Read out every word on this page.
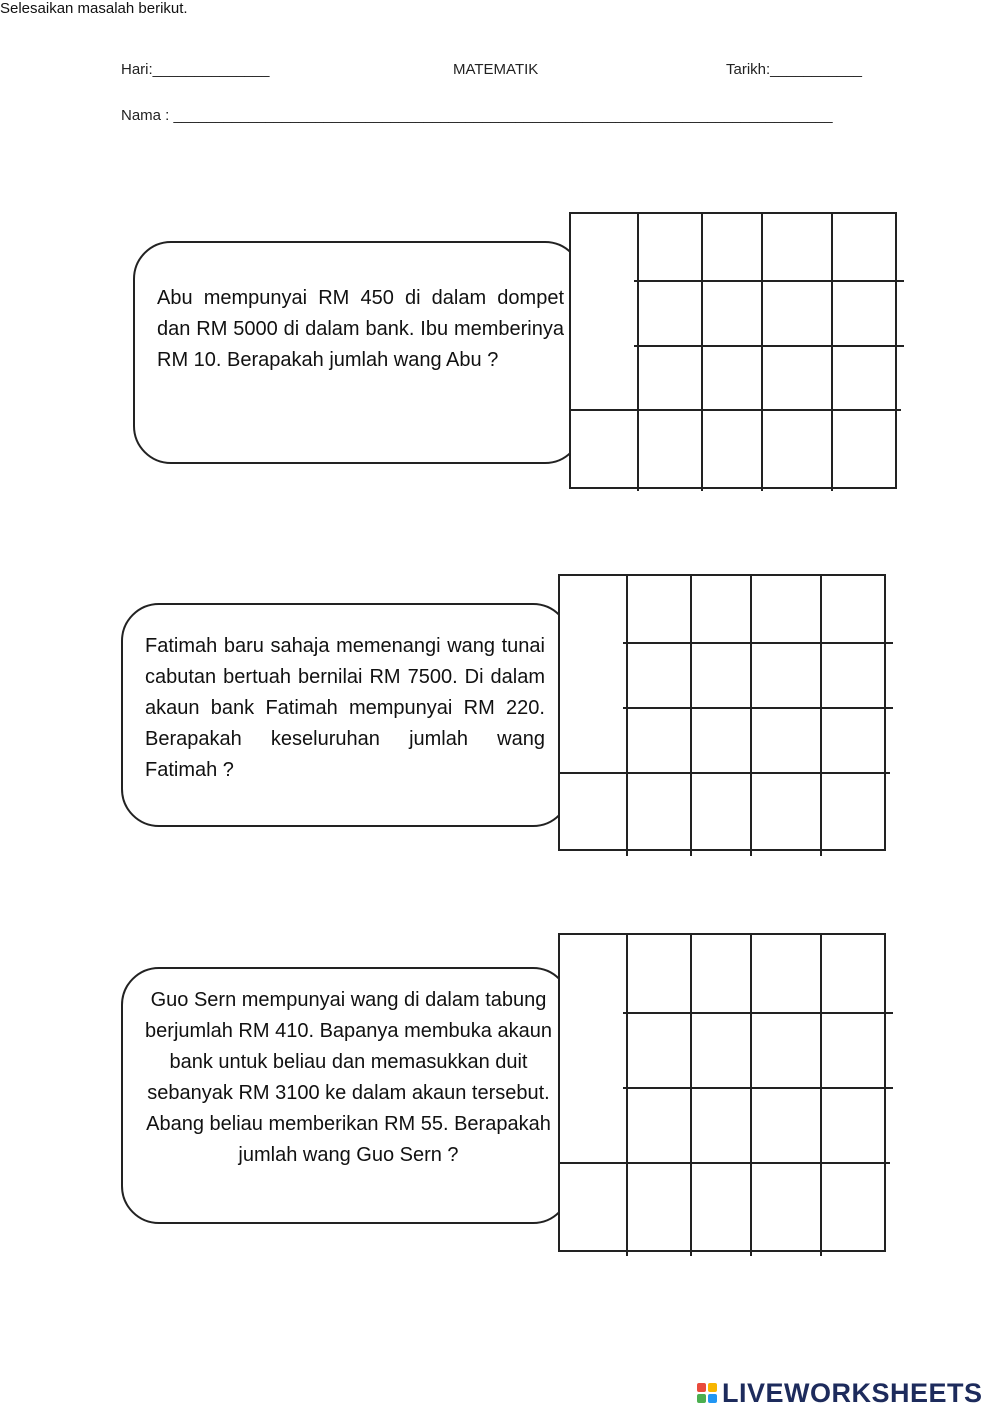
Hari:______________	MATEMATIK	Tarikh:___________
Nama : _______________________________________________________________________________
Selesaikan masalah berikut.
Abu mempunyai RM 450 di dalam dompet dan RM 5000 di dalam bank. Ibu memberinya RM 10. Berapakah jumlah wang Abu ?
Fatimah baru sahaja memenangi wang tunai cabutan bertuah bernilai RM 7500. Di dalam akaun bank Fatimah mempunyai RM 220. Berapakah keseluruhan jumlah wang Fatimah ?
Guo Sern mempunyai wang di dalam tabung berjumlah RM 410. Bapanya membuka akaun bank untuk beliau dan memasukkan duit sebanyak RM 3100 ke dalam akaun tersebut. Abang beliau memberikan RM 55. Berapakah jumlah wang Guo Sern ?
LIVEWORKSHEETS
